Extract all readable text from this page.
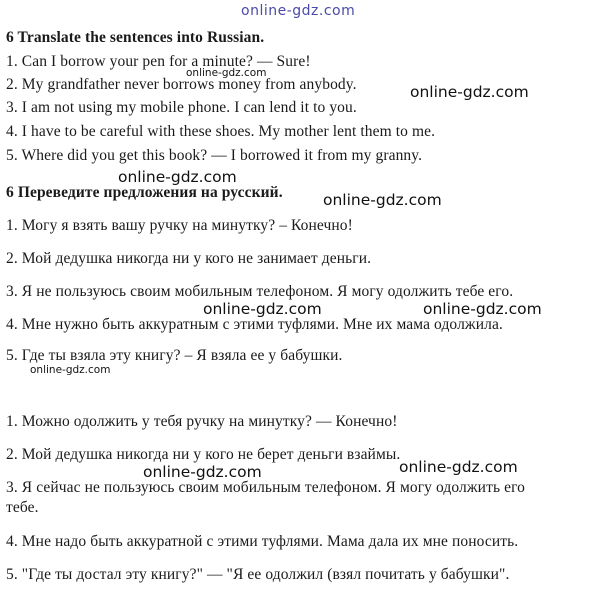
online-gdz.com
6 Translate the sentences into Russian.
1. Can I borrow your pen for a minute? — Sure!
2. My grandfather never borrows money from anybody.
3. I am not using my mobile phone. I can lend it to you.
4. I have to be careful with these shoes. My mother lent them to me.
5. Where did you get this book? — I borrowed it from my granny.
6 Переведите предложения на русский.
1. Могу я взять вашу ручку на минутку? – Конечно!
2. Мой дедушка никогда ни у кого не занимает деньги.
3. Я не пользуюсь своим мобильным телефоном. Я могу одолжить тебе его.
4. Мне нужно быть аккуратным с этими туфлями. Мне их мама одолжила.
5. Где ты взяла эту книгу? – Я взяла ее у бабушки.
1. Можно одолжить у тебя ручку на минутку? — Конечно!
2. Мой дедушка никогда ни у кого не берет деньги взаймы.
3. Я сейчас не пользуюсь своим мобильным телефоном. Я могу одолжить его
тебе.
4. Мне надо быть аккуратной с этими туфлями. Мама дала их мне поносить.
5. "Где ты достал эту книгу?" — "Я ее одолжил (взял почитать у бабушки".
online-gdz.com
online-gdz.com
online-gdz.com
online-gdz.com
online-gdz.com	online-gdz.com
online-gdz.com
online-gdz.com	online-gdz.com
